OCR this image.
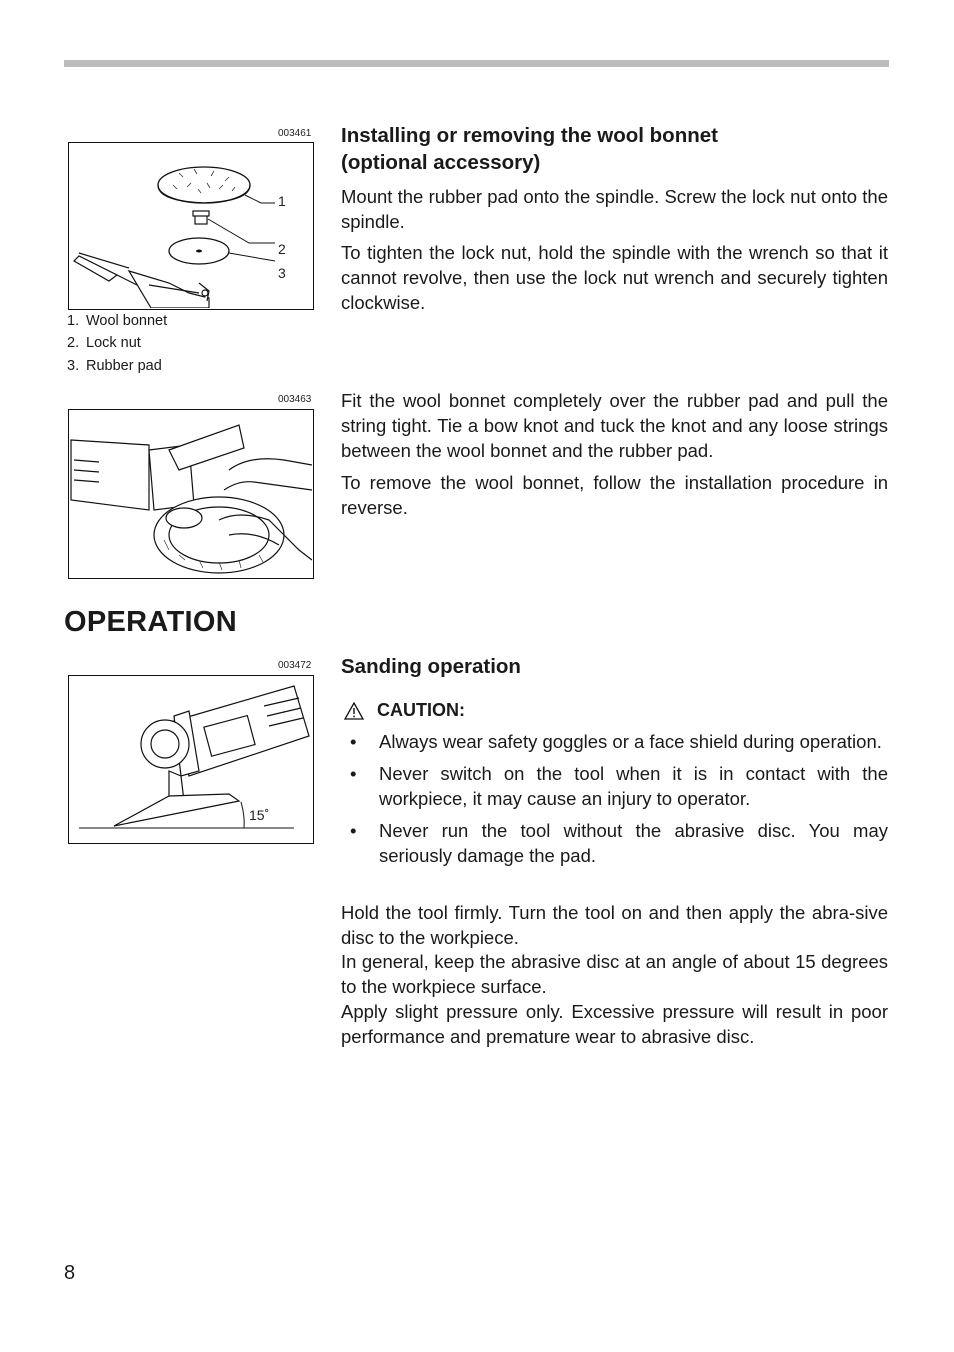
003461
1
2
3
1. Wool bonnet
2. Lock nut
3. Rubber pad
Installing or removing the wool bonnet
(optional accessory)

Mount the rubber pad onto the spindle. Screw the lock nut onto the spindle.

To tighten the lock nut, hold the spindle with the wrench so that it cannot revolve, then use the lock nut wrench and securely tighten clockwise.

003463 Fit the wool bonnet completely over the rubber pad and pull the string tight. Tie a bow knot and tuck the knot and any loose strings between the wool bonnet and the rubber pad.

To remove the wool bonnet, follow the installation procedure in reverse.

OPERATION
003472
15˚
Sanding operation
CAUTION:
• Always wear safety goggles or a face shield during operation.
• Never switch on the tool when it is in contact with the workpiece, it may cause an injury to operator.
• Never run the tool without the abrasive disc. You may seriously damage the pad.

Hold the tool firmly. Turn the tool on and then apply the abra-sive disc to the workpiece.

In general, keep the abrasive disc at an angle of about 15 degrees to the workpiece surface.

Apply slight pressure only. Excessive pressure will result in poor performance and premature wear to abrasive disc.

8
